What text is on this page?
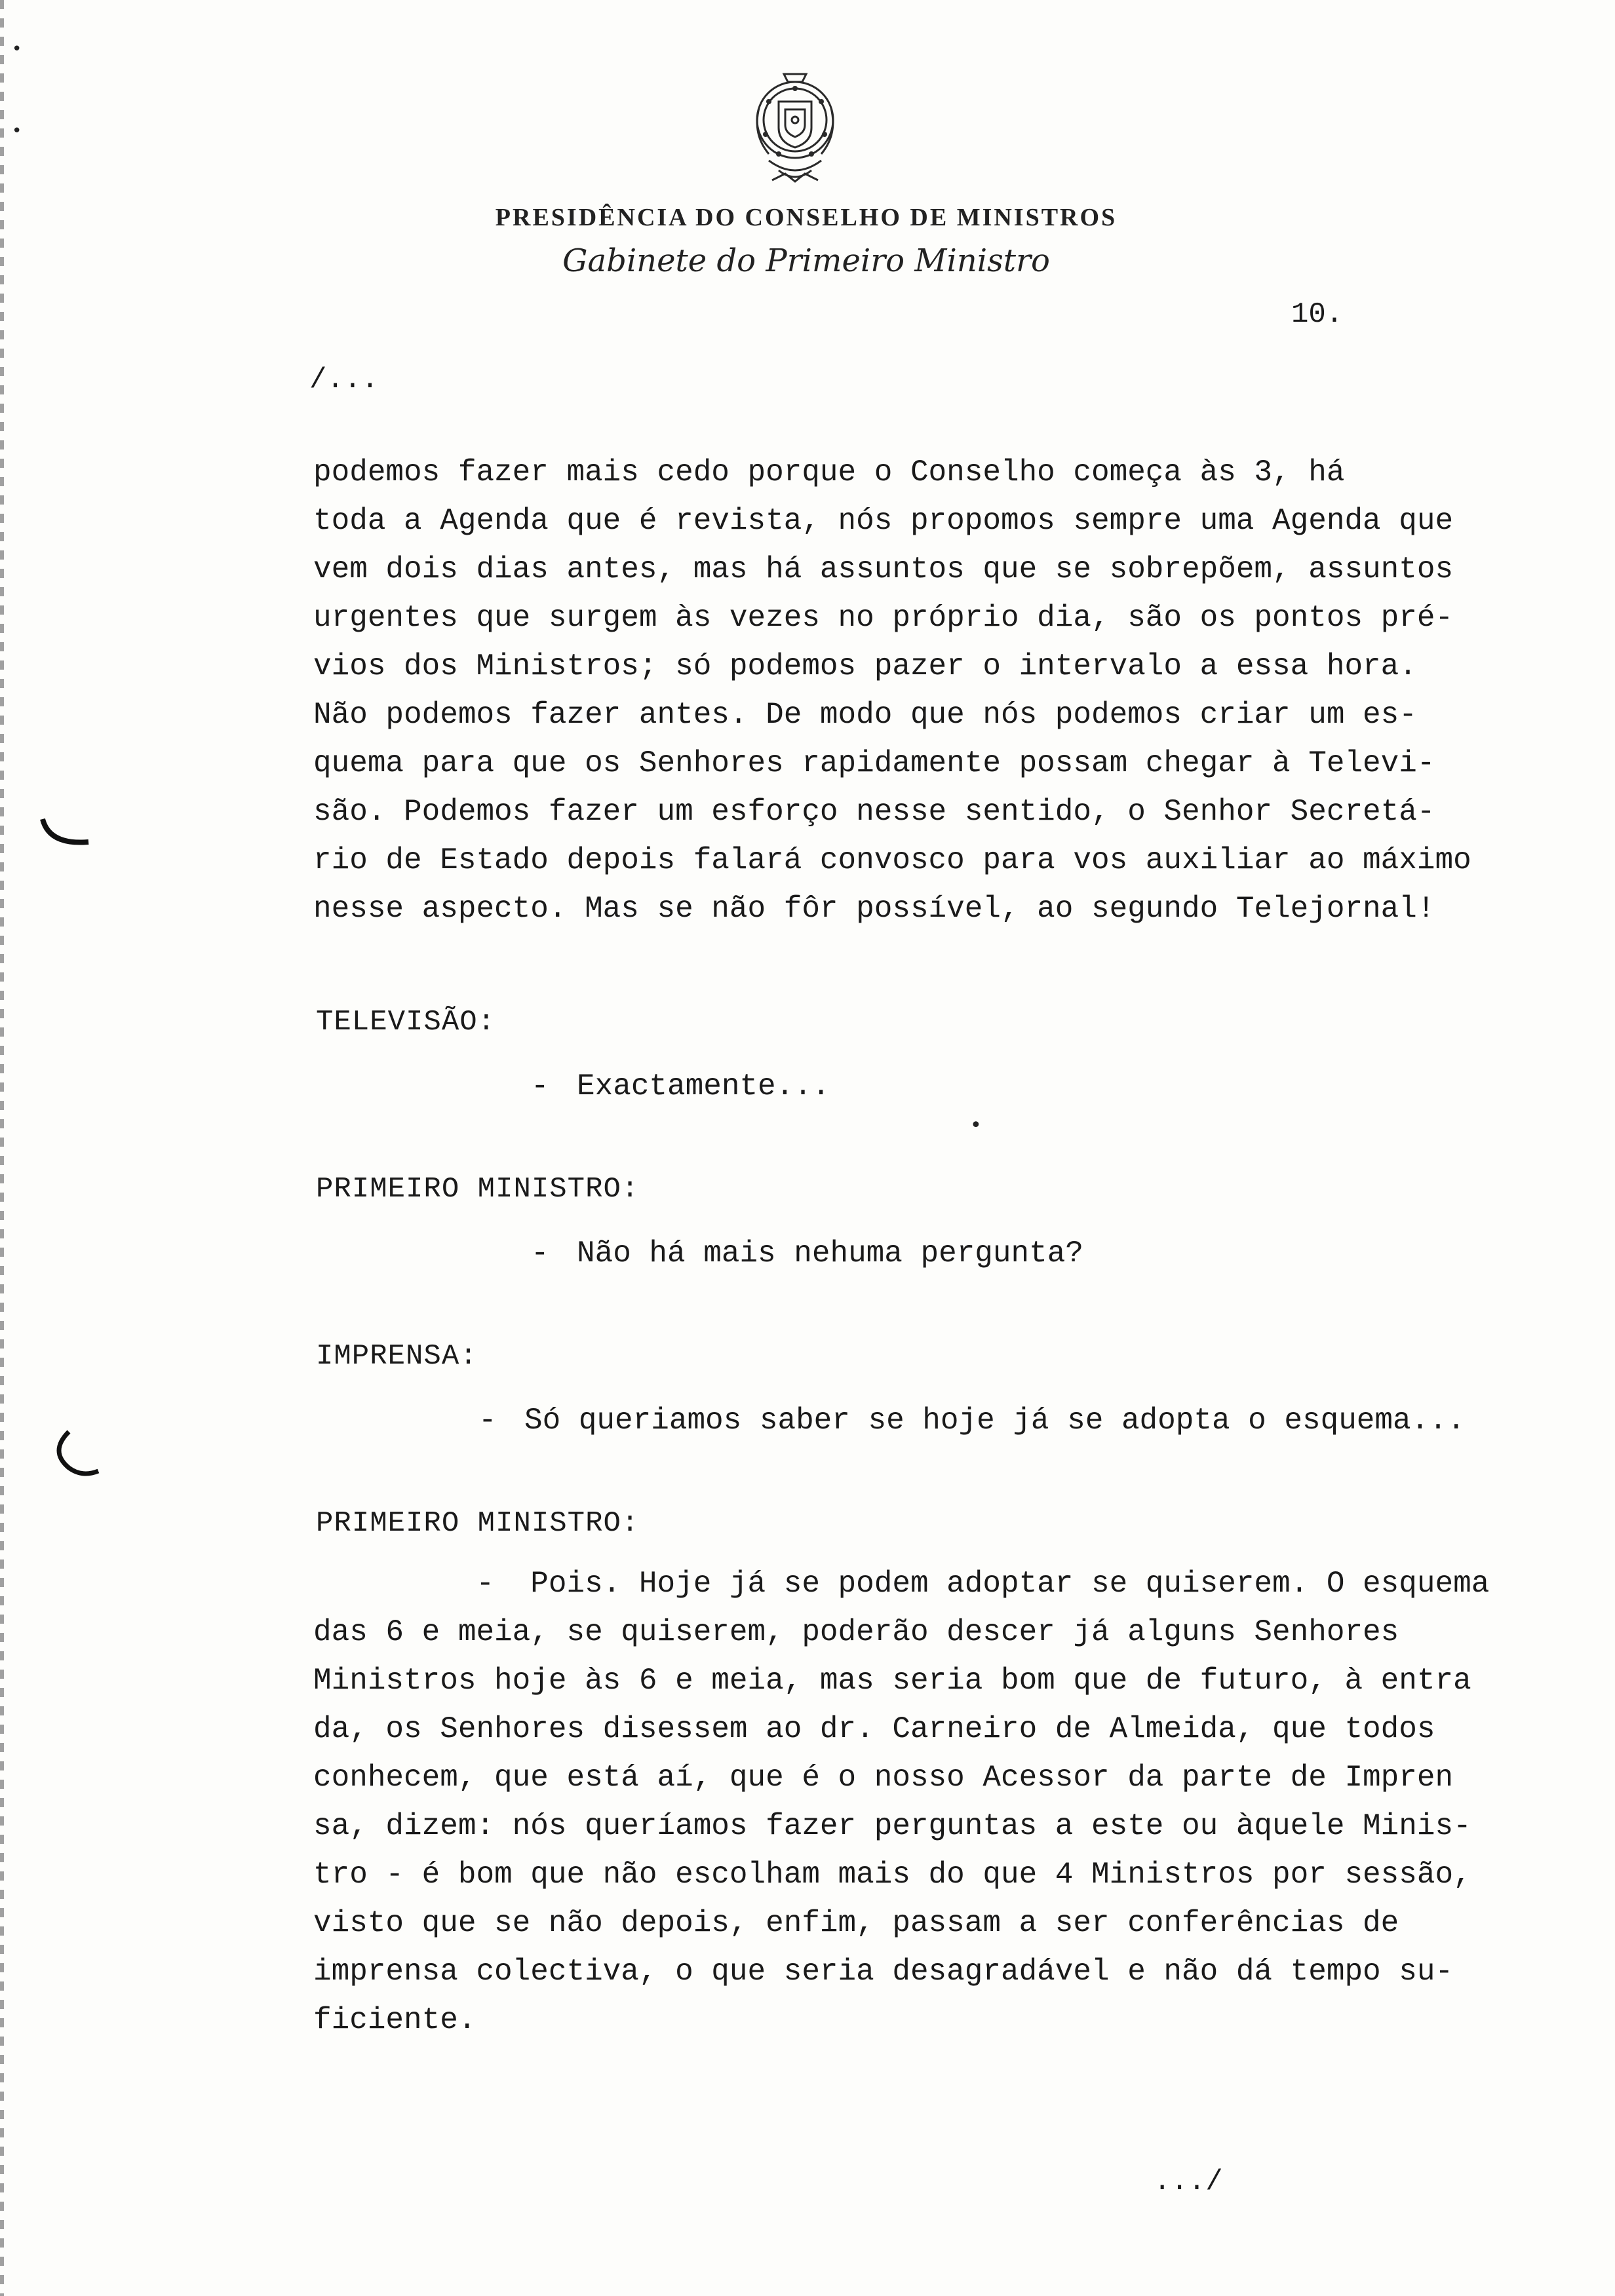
PRESIDÊNCIA DO CONSELHO DE MINISTROS
Gabinete do Primeiro Ministro
10.
/...

podemos fazer mais cedo porque o Conselho começa às 3, há
toda a Agenda que é revista, nós propomos sempre uma Agenda que
vem dois dias antes, mas há assuntos que se sobrepõem, assuntos
urgentes que surgem às vezes no próprio dia, são os pontos pré-
vios dos Ministros; só podemos pazer o intervalo a essa hora.
Não podemos fazer antes. De modo que nós podemos criar um es-
quema para que os Senhores rapidamente possam chegar à Televi-
são. Podemos fazer um esforço nesse sentido, o Senhor Secretá-
rio de Estado depois falará convosco para vos auxiliar ao máximo
nesse aspecto. Mas se não fôr possível, ao segundo Telejornal!

TELEVISÃO:

- Exactamente...

PRIMEIRO MINISTRO:

- Não há mais nehuma pergunta?

IMPRENSA:

- Só queriamos saber se hoje já se adopta o esquema...

PRIMEIRO MINISTRO:

-  Pois. Hoje já se podem adoptar se quiserem. O esquema
das 6 e meia, se quiserem, poderão descer já alguns Senhores
Ministros hoje às 6 e meia, mas seria bom que de futuro, à entra
da, os Senhores disessem ao dr. Carneiro de Almeida, que todos
conhecem, que está aí, que é o nosso Acessor da parte de Impren
sa, dizem: nós queríamos fazer perguntas a este ou àquele Minis-
tro - é bom que não escolham mais do que 4 Ministros por sessão,
visto que se não depois, enfim, passam a ser conferências de
imprensa colectiva, o que seria desagradável e não dá tempo su-
ficiente.

.../
•
•
•
